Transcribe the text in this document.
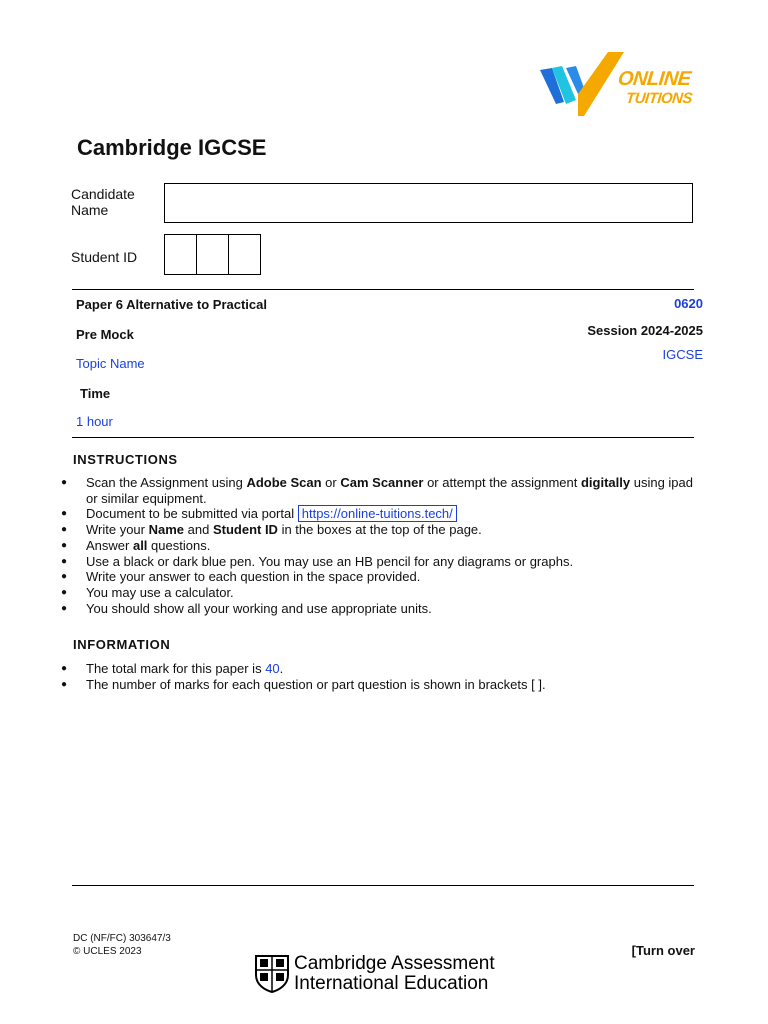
ONLINE
TUITIONS
Cambridge IGCSE
Candidate
Name
Student ID
Paper 6 Alternative to Practical	0620
Pre Mock	Session 2024-2025
Topic Name
IGCSE
Time
1 hour
INSTRUCTIONS
● Scan the Assignment using Adobe Scan or Cam Scanner or attempt the assignment digitally using ipad or similar equipment.
● Document to be submitted via portal https://online-tuitions.tech/
● Write your Name and Student ID in the boxes at the top of the page.
● Answer all questions.
● Use a black or dark blue pen. You may use an HB pencil for any diagrams or graphs.
● Write your answer to each question in the space provided.
● You may use a calculator.
● You should show all your working and use appropriate units.
INFORMATION
● The total mark for this paper is 40.
● The number of marks for each question or part question is shown in brackets [ ].
DC (NF/FC) 303647/3
© UCLES 2023	[Turn over
Cambridge Assessment
International Education
